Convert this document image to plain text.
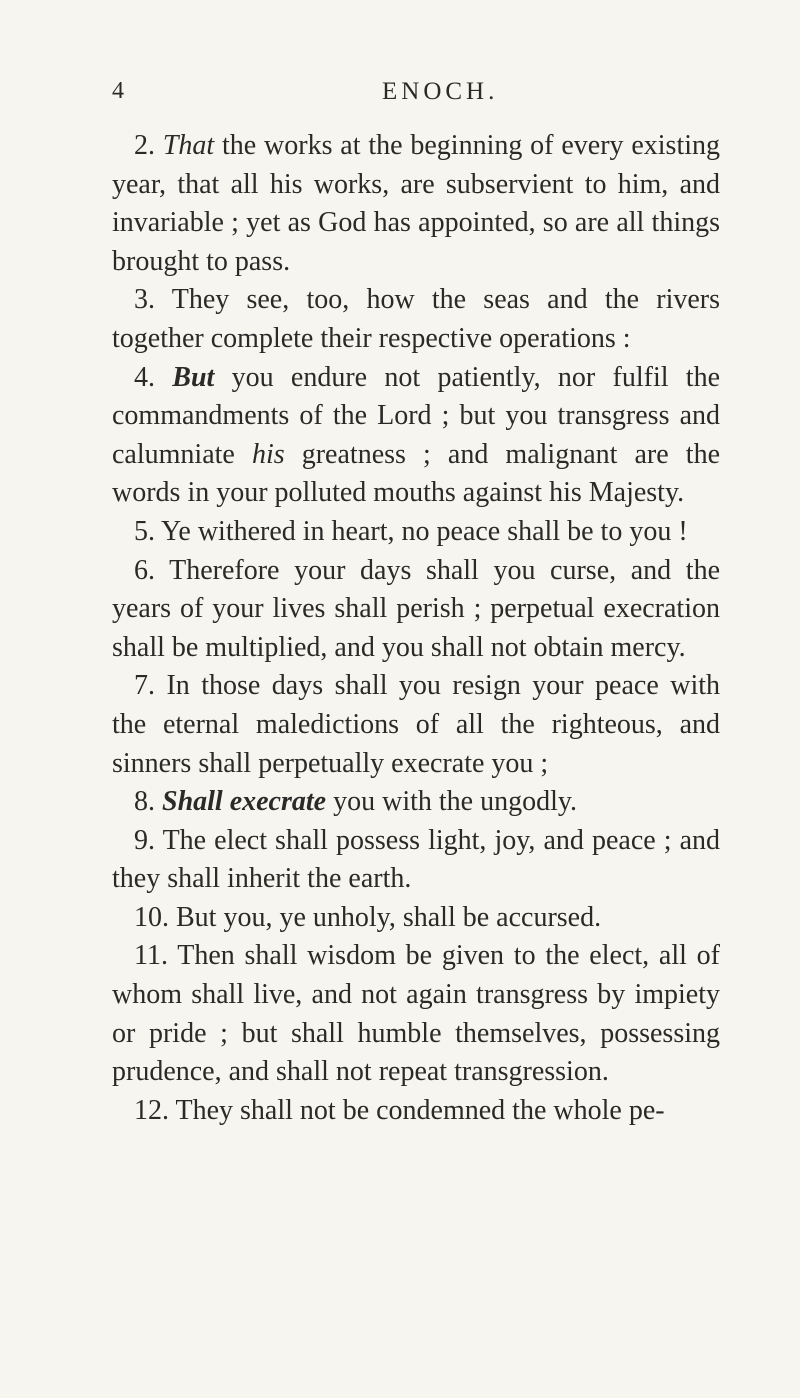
4	ENOCH.

2. That the works at the beginning of every existing year, that all his works, are subservient to him, and invariable ; yet as God has appointed, so are all things brought to pass.

3. They see, too, how the seas and the rivers together complete their respective operations :

4. But you endure not patiently, nor fulfil the commandments of the Lord ; but you transgress and calumniate his greatness ; and malignant are the words in your polluted mouths against his Majesty.

5. Ye withered in heart, no peace shall be to you !

6. Therefore your days shall you curse, and the years of your lives shall perish ; perpetual execration shall be multiplied, and you shall not obtain mercy.

7. In those days shall you resign your peace with the eternal maledictions of all the righteous, and sinners shall perpetually execrate you ;

8. Shall execrate you with the ungodly.

9. The elect shall possess light, joy, and peace ; and they shall inherit the earth.

10. But you, ye unholy, shall be accursed.

11. Then shall wisdom be given to the elect, all of whom shall live, and not again transgress by impiety or pride ; but shall humble themselves, possessing prudence, and shall not repeat transgression.

12. They shall not be condemned the whole pe-
